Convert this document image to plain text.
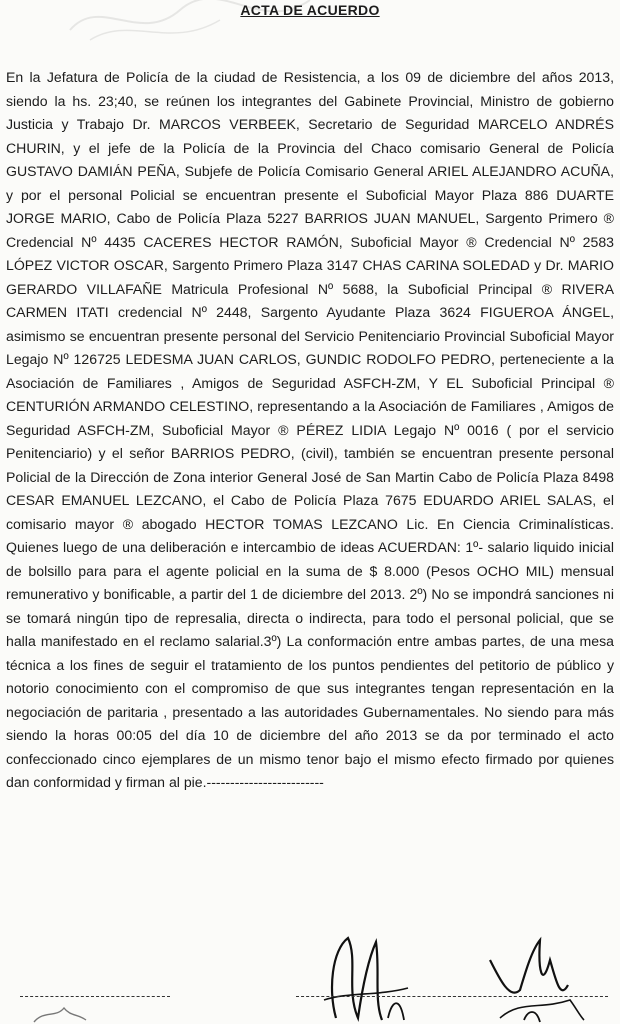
ACTA DE ACUERDO

En la Jefatura de Policía de la ciudad de Resistencia, a los 09 de diciembre del años 2013, siendo la hs. 23;40, se reúnen los integrantes del Gabinete Provincial, Ministro de gobierno Justicia y Trabajo Dr. MARCOS VERBEEK, Secretario de Seguridad MARCELO ANDRÉS CHURIN, y el jefe de la Policía de la Provincia del Chaco comisario General de Policía GUSTAVO DAMIÁN PEÑA, Subjefe de Policía Comisario General ARIEL ALEJANDRO ACUÑA, y por el personal Policial se encuentran presente el Suboficial Mayor Plaza 886 DUARTE JORGE MARIO, Cabo de Policía Plaza 5227 BARRIOS JUAN MANUEL, Sargento Primero ® Credencial Nº 4435 CACERES HECTOR RAMÓN, Suboficial Mayor ® Credencial Nº 2583 LÓPEZ VICTOR OSCAR, Sargento Primero Plaza 3147 CHAS CARINA SOLEDAD y Dr. MARIO GERARDO VILLAFAÑE Matricula Profesional Nº 5688, la Suboficial Principal ® RIVERA CARMEN ITATI credencial Nº 2448, Sargento Ayudante Plaza 3624 FIGUEROA ÁNGEL, asimismo se encuentran presente personal del Servicio Penitenciario Provincial Suboficial Mayor Legajo Nº 126725 LEDESMA JUAN CARLOS, GUNDIC RODOLFO PEDRO, perteneciente a la Asociación de Familiares , Amigos de Seguridad ASFCH-ZM, Y EL Suboficial Principal ® CENTURIÓN ARMANDO CELESTINO, representando a la Asociación de Familiares , Amigos de Seguridad ASFCH-ZM, Suboficial Mayor ® PÉREZ LIDIA Legajo Nº 0016 ( por el servicio Penitenciario) y el señor BARRIOS PEDRO, (civil), también se encuentran presente personal Policial de la Dirección de Zona interior General José de San Martin Cabo de Policía Plaza 8498 CESAR EMANUEL LEZCANO, el Cabo de Policía Plaza 7675 EDUARDO ARIEL SALAS, el comisario mayor ® abogado HECTOR TOMAS LEZCANO Lic. En Ciencia Criminalísticas. Quienes luego de una deliberación e intercambio de ideas ACUERDAN: 1º- salario liquido inicial de bolsillo para para el agente policial en la suma de $ 8.000 (Pesos OCHO MIL) mensual remunerativo y bonificable, a partir del 1 de diciembre del 2013. 2º) No se impondrá sanciones ni se tomará ningún tipo de represalia, directa o indirecta, para todo el personal policial, que se halla manifestado en el reclamo salarial.3º) La conformación entre ambas partes, de una mesa técnica a los fines de seguir el tratamiento de los puntos pendientes del petitorio de público y notorio conocimiento con el compromiso de que sus integrantes tengan representación en la negociación de paritaria , presentado a las autoridades Gubernamentales. No siendo para más siendo la horas 00:05 del día 10 de diciembre del año 2013 se da por terminado el acto confeccionado cinco ejemplares de un mismo tenor bajo el mismo efecto firmado por quienes dan conformidad y firman al pie.-------------------------
